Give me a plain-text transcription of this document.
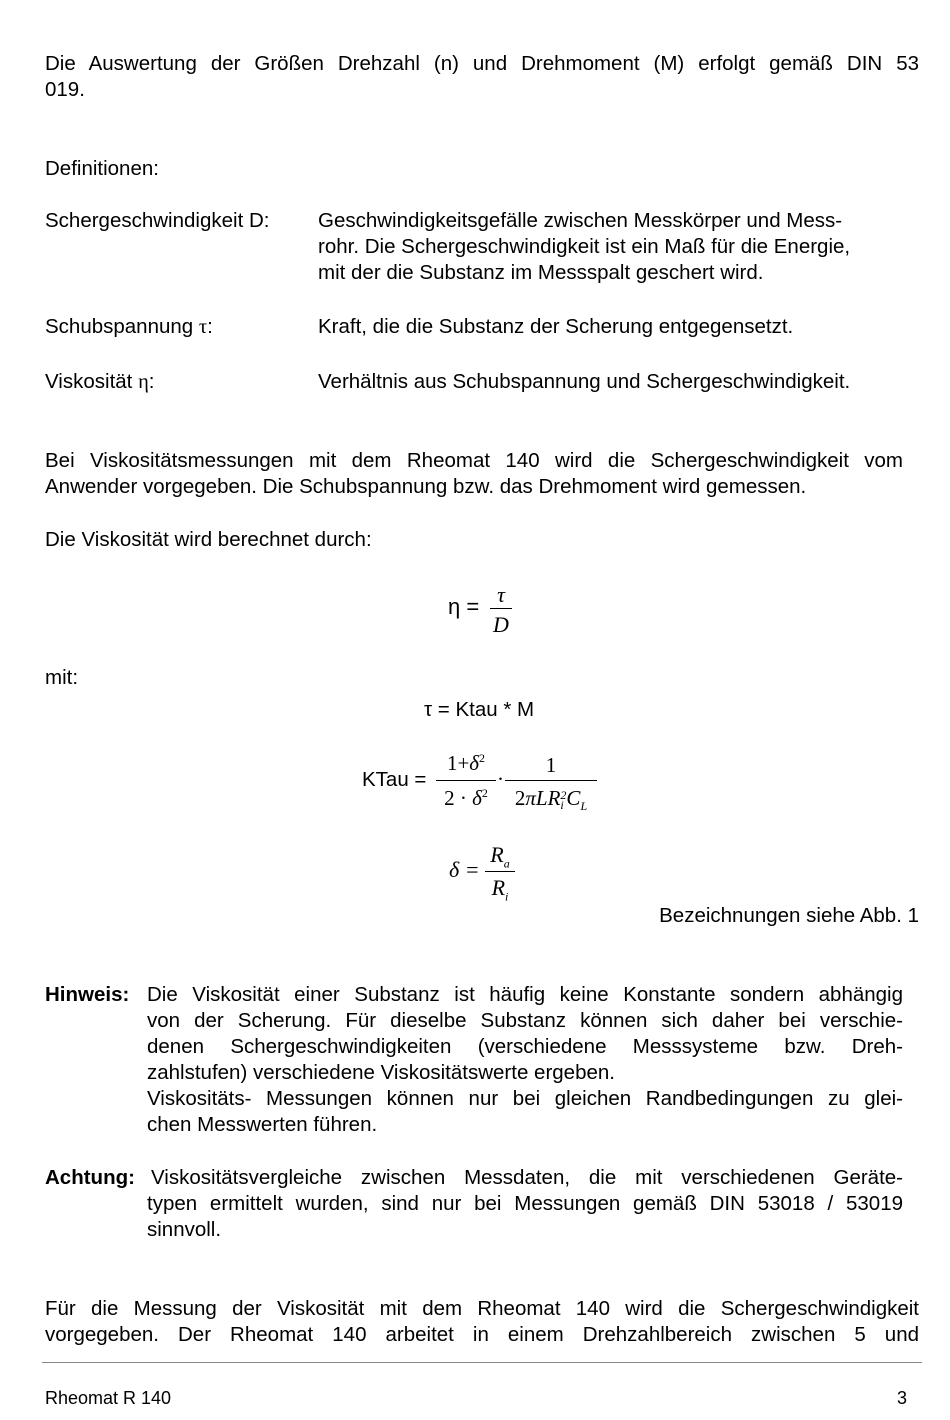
Die Auswertung der Größen Drehzahl (n) und Drehmoment (M) erfolgt gemäß DIN 53

019.

Definitionen:

Schergeschwindigkeit D: Geschwindigkeitsgefälle zwischen Messkörper und Mess-

rohr. Die Schergeschwindigkeit ist ein Maß für die Energie,

mit der die Substanz im Messspalt geschert wird.

Schubspannung τ:	Kraft, die die Substanz der Scherung entgegensetzt.

Viskosität η:	Verhältnis aus Schubspannung und Schergeschwindigkeit.

Bei Viskositätsmessungen mit dem Rheomat 140 wird die Schergeschwindigkeit vom

Anwender vorgegeben. Die Schubspannung bzw. das Drehmoment wird gemessen.

Die Viskosität wird berechnet durch:

η = τ
D

mit:

τ = Ktau * M

KTau =
$1+\delta^2$
$2 \cdot \delta^2$
·
1
2πLR 2
i $C_L$
δ =
$R_a$
$R_i$

Bezeichnungen siehe Abb. 1

Hinweis: Die Viskosität einer Substanz ist häufig keine Konstante sondern abhängig
von der Scherung. Für dieselbe Substanz können sich daher bei verschie-
denen Schergeschwindigkeiten (verschiedene Messsysteme bzw. Dreh-
zahlstufen) verschiedene Viskositätswerte ergeben.
Viskositäts- Messungen können nur bei gleichen Randbedingungen zu glei-
chen Messwerten führen.

Achtung: Viskositätsvergleiche zwischen Messdaten, die mit verschiedenen Geräte-
typen ermittelt wurden, sind nur bei Messungen gemäß DIN 53018 / 53019
sinnvoll.

Für die Messung der Viskosität mit dem Rheomat 140 wird die Schergeschwindigkeit

vorgegeben. Der Rheomat 140 arbeitet in einem Drehzahlbereich zwischen 5 und

Rheomat R 140	3
